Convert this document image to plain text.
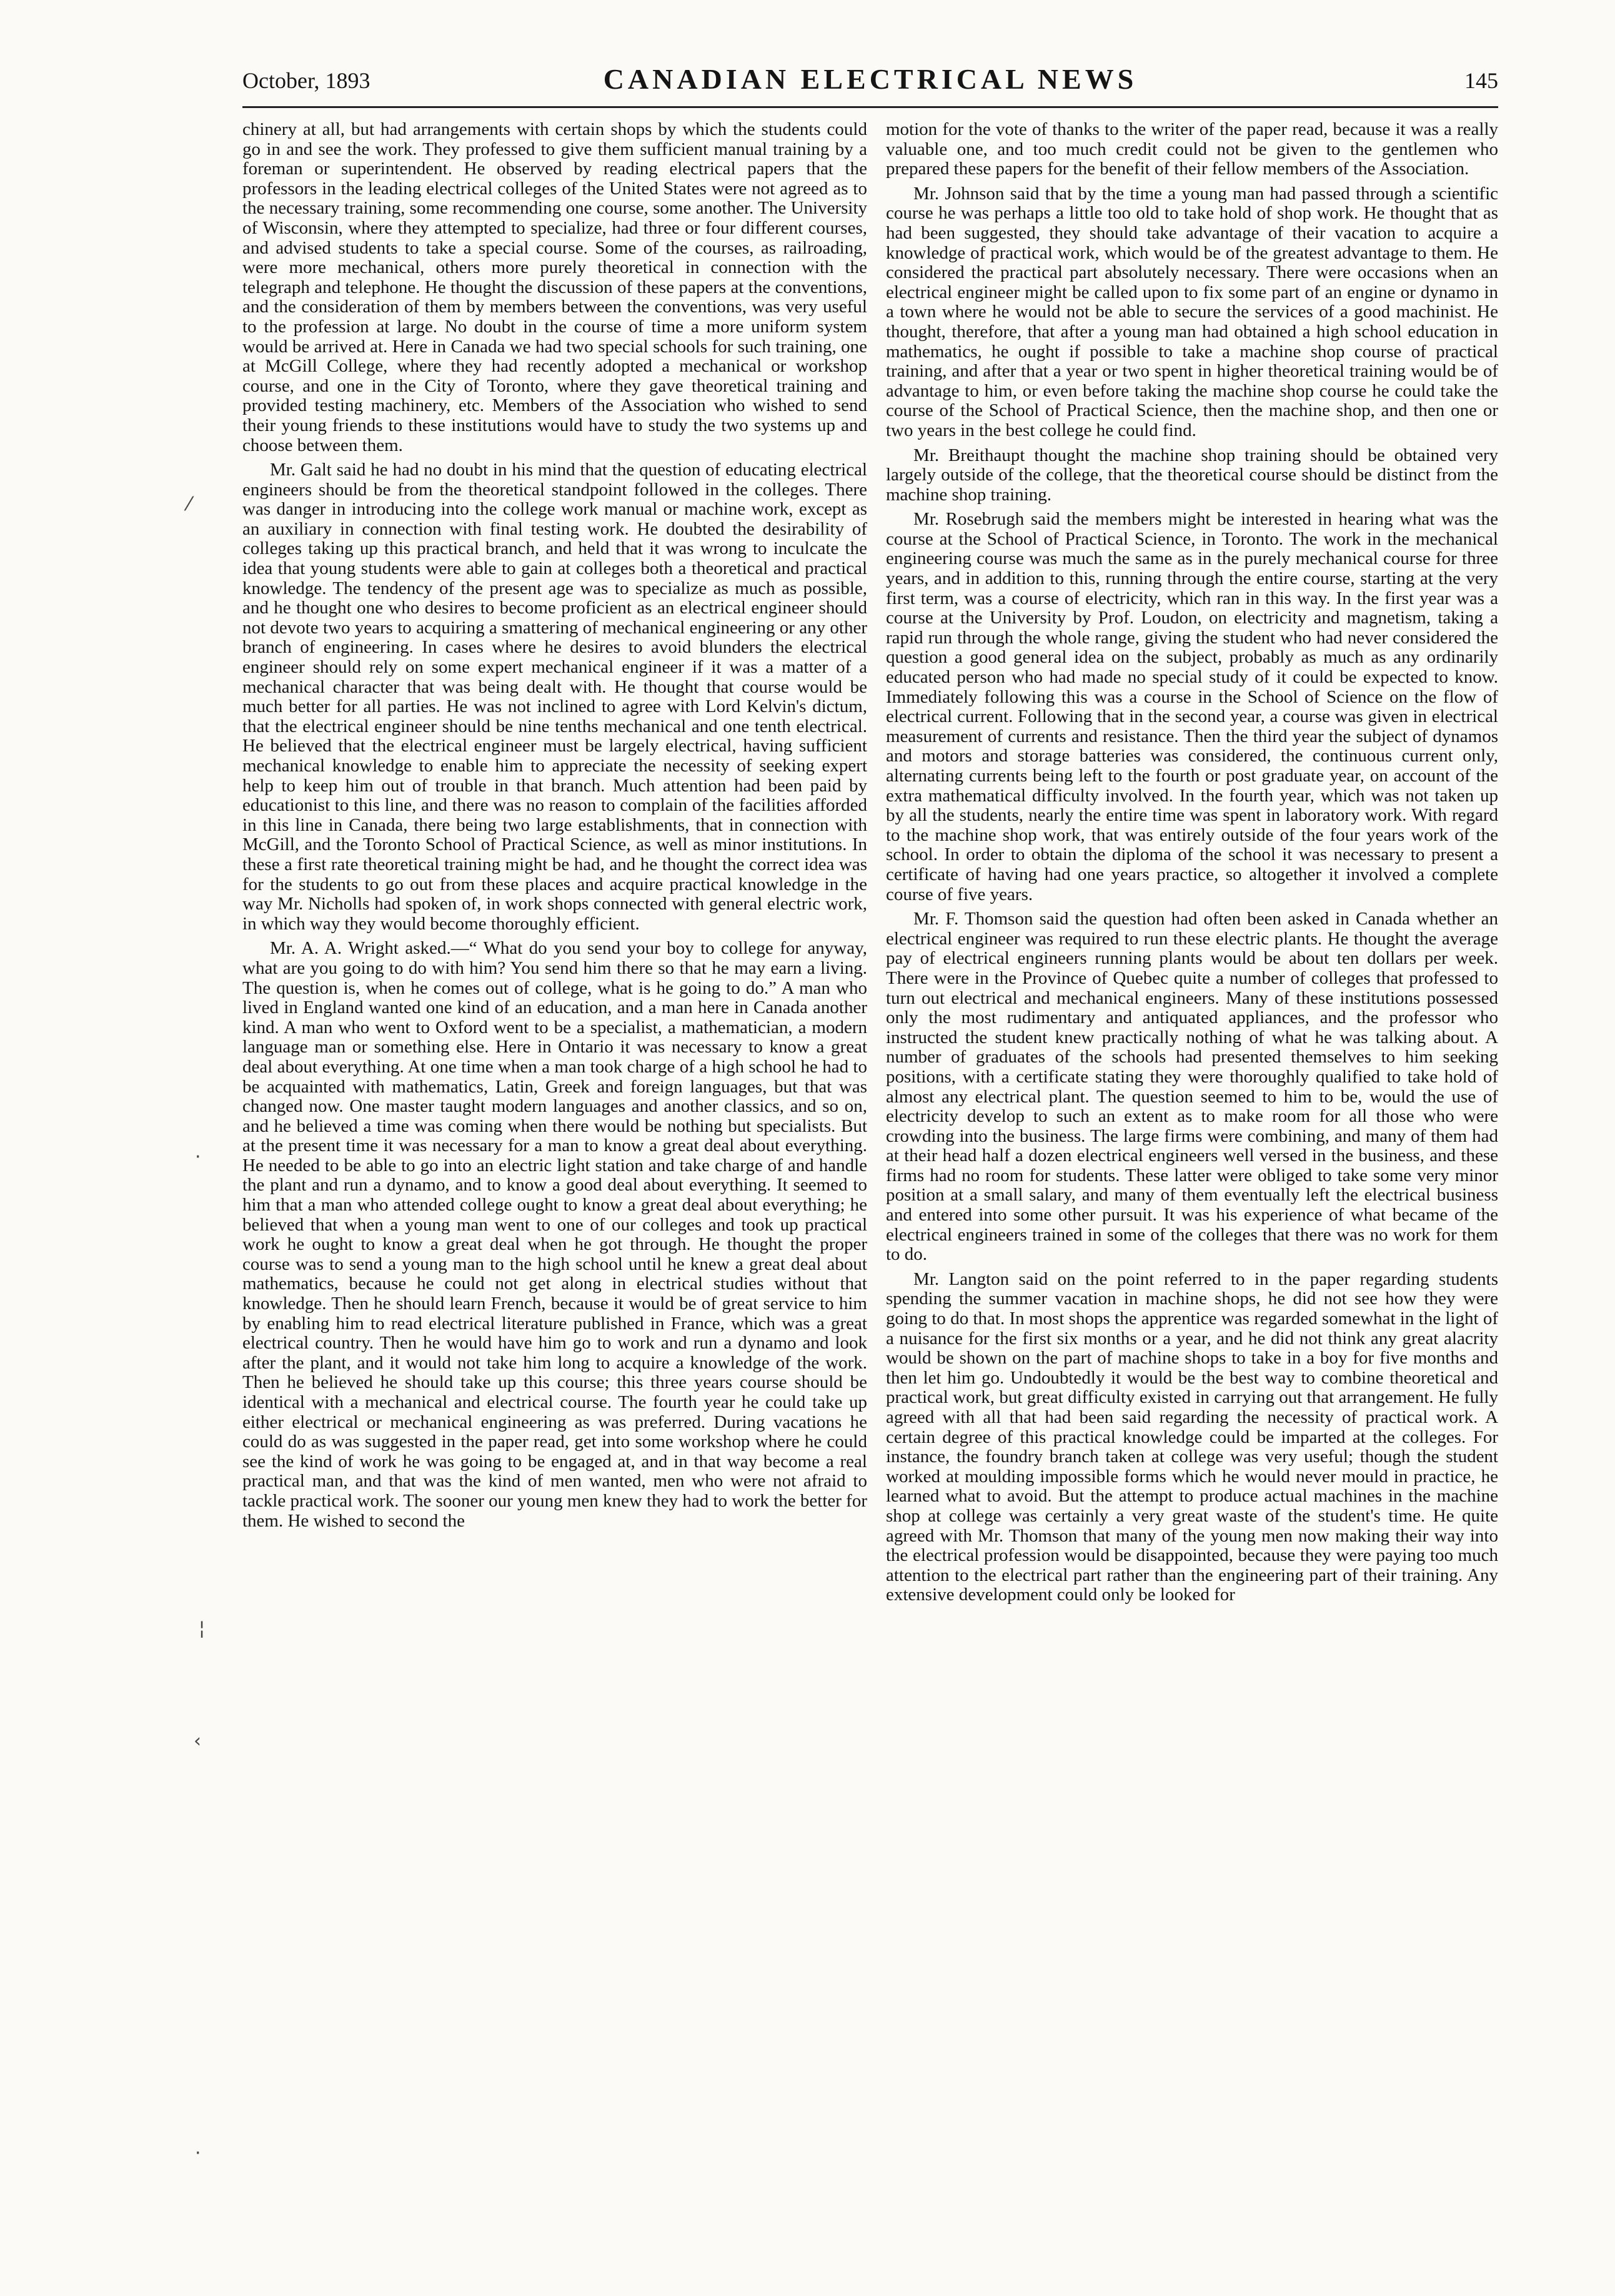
October, 1893	CANADIAN ELECTRICAL NEWS	145

chinery at all, but had arrangements with certain shops by which the students could go in and see the work. They professed to give them sufficient manual training by a foreman or superintendent. He observed by reading electrical papers that the professors in the leading electrical colleges of the United States were not agreed as to the necessary training, some recommending one course, some another. The University of Wisconsin, where they attempted to specialize, had three or four different courses, and advised students to take a special course. Some of the courses, as railroading, were more mechanical, others more purely theoretical in connection with the telegraph and telephone. He thought the discussion of these papers at the conventions, and the consideration of them by members between the conventions, was very useful to the profession at large. No doubt in the course of time a more uniform system would be arrived at. Here in Canada we had two special schools for such training, one at McGill College, where they had recently adopted a mechanical or workshop course, and one in the City of Toronto, where they gave theoretical training and provided testing machinery, etc. Members of the Association who wished to send their young friends to these institutions would have to study the two systems up and choose between them.

Mr. Galt said he had no doubt in his mind that the question of educating electrical engineers should be from the theoretical standpoint followed in the colleges. There was danger in introducing into the college work manual or machine work, except as an auxiliary in connection with final testing work. He doubted the desirability of colleges taking up this practical branch, and held that it was wrong to inculcate the idea that young students were able to gain at colleges both a theoretical and practical knowledge. The tendency of the present age was to specialize as much as possible, and he thought one who desires to become proficient as an electrical engineer should not devote two years to acquiring a smattering of mechanical engineering or any other branch of engineering. In cases where he desires to avoid blunders the electrical engineer should rely on some expert mechanical engineer if it was a matter of a mechanical character that was being dealt with. He thought that course would be much better for all parties. He was not inclined to agree with Lord Kelvin's dictum, that the electrical engineer should be nine tenths mechanical and one tenth electrical. He believed that the electrical engineer must be largely electrical, having sufficient mechanical knowledge to enable him to appreciate the necessity of seeking expert help to keep him out of trouble in that branch. Much attention had been paid by educationist to this line, and there was no reason to complain of the facilities afforded in this line in Canada, there being two large establishments, that in connection with McGill, and the Toronto School of Practical Science, as well as minor institutions. In these a first rate theoretical training might be had, and he thought the correct idea was for the students to go out from these places and acquire practical knowledge in the way Mr. Nicholls had spoken of, in work shops connected with general electric work, in which way they would become thoroughly efficient.

Mr. A. A. Wright asked.—“ What do you send your boy to college for anyway, what are you going to do with him? You send him there so that he may earn a living. The question is, when he comes out of college, what is he going to do.” A man who lived in England wanted one kind of an education, and a man here in Canada another kind. A man who went to Oxford went to be a specialist, a mathematician, a modern language man or something else. Here in Ontario it was necessary to know a great deal about everything. At one time when a man took charge of a high school he had to be acquainted with mathematics, Latin, Greek and foreign languages, but that was changed now. One master taught modern languages and another classics, and so on, and he believed a time was coming when there would be nothing but specialists. But at the present time it was necessary for a man to know a great deal about everything. He needed to be able to go into an electric light station and take charge of and handle the plant and run a dynamo, and to know a good deal about everything. It seemed to him that a man who attended college ought to know a great deal about everything; he believed that when a young man went to one of our colleges and took up practical work he ought to know a great deal when he got through. He thought the proper course was to send a young man to the high school until he knew a great deal about mathematics, because he could not get along in electrical studies without that knowledge. Then he should learn French, because it would be of great service to him by enabling him to read electrical literature published in France, which was a great electrical country. Then he would have him go to work and run a dynamo and look after the plant, and it would not take him long to acquire a knowledge of the work. Then he believed he should take up this course; this three years course should be identical with a mechanical and electrical course. The fourth year he could take up either electrical or mechanical engineering as was preferred. During vacations he could do as was suggested in the paper read, get into some workshop where he could see the kind of work he was going to be engaged at, and in that way become a real practical man, and that was the kind of men wanted, men who were not afraid to tackle practical work. The sooner our young men knew they had to work the better for them. He wished to second the

motion for the vote of thanks to the writer of the paper read, because it was a really valuable one, and too much credit could not be given to the gentlemen who prepared these papers for the benefit of their fellow members of the Association.

Mr. Johnson said that by the time a young man had passed through a scientific course he was perhaps a little too old to take hold of shop work. He thought that as had been suggested, they should take advantage of their vacation to acquire a knowledge of practical work, which would be of the greatest advantage to them. He considered the practical part absolutely necessary. There were occasions when an electrical engineer might be called upon to fix some part of an engine or dynamo in a town where he would not be able to secure the services of a good machinist. He thought, therefore, that after a young man had obtained a high school education in mathematics, he ought if possible to take a machine shop course of practical training, and after that a year or two spent in higher theoretical training would be of advantage to him, or even before taking the machine shop course he could take the course of the School of Practical Science, then the machine shop, and then one or two years in the best college he could find.

Mr. Breithaupt thought the machine shop training should be obtained very largely outside of the college, that the theoretical course should be distinct from the machine shop training.

Mr. Rosebrugh said the members might be interested in hearing what was the course at the School of Practical Science, in Toronto. The work in the mechanical engineering course was much the same as in the purely mechanical course for three years, and in addition to this, running through the entire course, starting at the very first term, was a course of electricity, which ran in this way. In the first year was a course at the University by Prof. Loudon, on electricity and magnetism, taking a rapid run through the whole range, giving the student who had never considered the question a good general idea on the subject, probably as much as any ordinarily educated person who had made no special study of it could be expected to know. Immediately following this was a course in the School of Science on the flow of electrical current. Following that in the second year, a course was given in electrical measurement of currents and resistance. Then the third year the subject of dynamos and motors and storage batteries was considered, the continuous current only, alternating currents being left to the fourth or post graduate year, on account of the extra mathematical difficulty involved. In the fourth year, which was not taken up by all the students, nearly the entire time was spent in laboratory work. With regard to the machine shop work, that was entirely outside of the four years work of the school. In order to obtain the diploma of the school it was necessary to present a certificate of having had one years practice, so altogether it involved a complete course of five years.

Mr. F. Thomson said the question had often been asked in Canada whether an electrical engineer was required to run these electric plants. He thought the average pay of electrical engineers running plants would be about ten dollars per week. There were in the Province of Quebec quite a number of colleges that professed to turn out electrical and mechanical engineers. Many of these institutions possessed only the most rudimentary and antiquated appliances, and the professor who instructed the student knew practically nothing of what he was talking about. A number of graduates of the schools had presented themselves to him seeking positions, with a certificate stating they were thoroughly qualified to take hold of almost any electrical plant. The question seemed to him to be, would the use of electricity develop to such an extent as to make room for all those who were crowding into the business. The large firms were combining, and many of them had at their head half a dozen electrical engineers well versed in the business, and these firms had no room for students. These latter were obliged to take some very minor position at a small salary, and many of them eventually left the electrical business and entered into some other pursuit. It was his experience of what became of the electrical engineers trained in some of the colleges that there was no work for them to do.

Mr. Langton said on the point referred to in the paper regarding students spending the summer vacation in machine shops, he did not see how they were going to do that. In most shops the apprentice was regarded somewhat in the light of a nuisance for the first six months or a year, and he did not think any great alacrity would be shown on the part of machine shops to take in a boy for five months and then let him go. Undoubtedly it would be the best way to combine theoretical and practical work, but great difficulty existed in carrying out that arrangement. He fully agreed with all that had been said regarding the necessity of practical work. A certain degree of this practical knowledge could be imparted at the colleges. For instance, the foundry branch taken at college was very useful; though the student worked at moulding impossible forms which he would never mould in practice, he learned what to avoid. But the attempt to produce actual machines in the machine shop at college was certainly a very great waste of the student's time. He quite agreed with Mr. Thomson that many of the young men now making their way into the electrical profession would be disappointed, because they were paying too much attention to the electrical part rather than the engineering part of their training. Any extensive development could only be looked for

⁄
·
¦
‹
·
